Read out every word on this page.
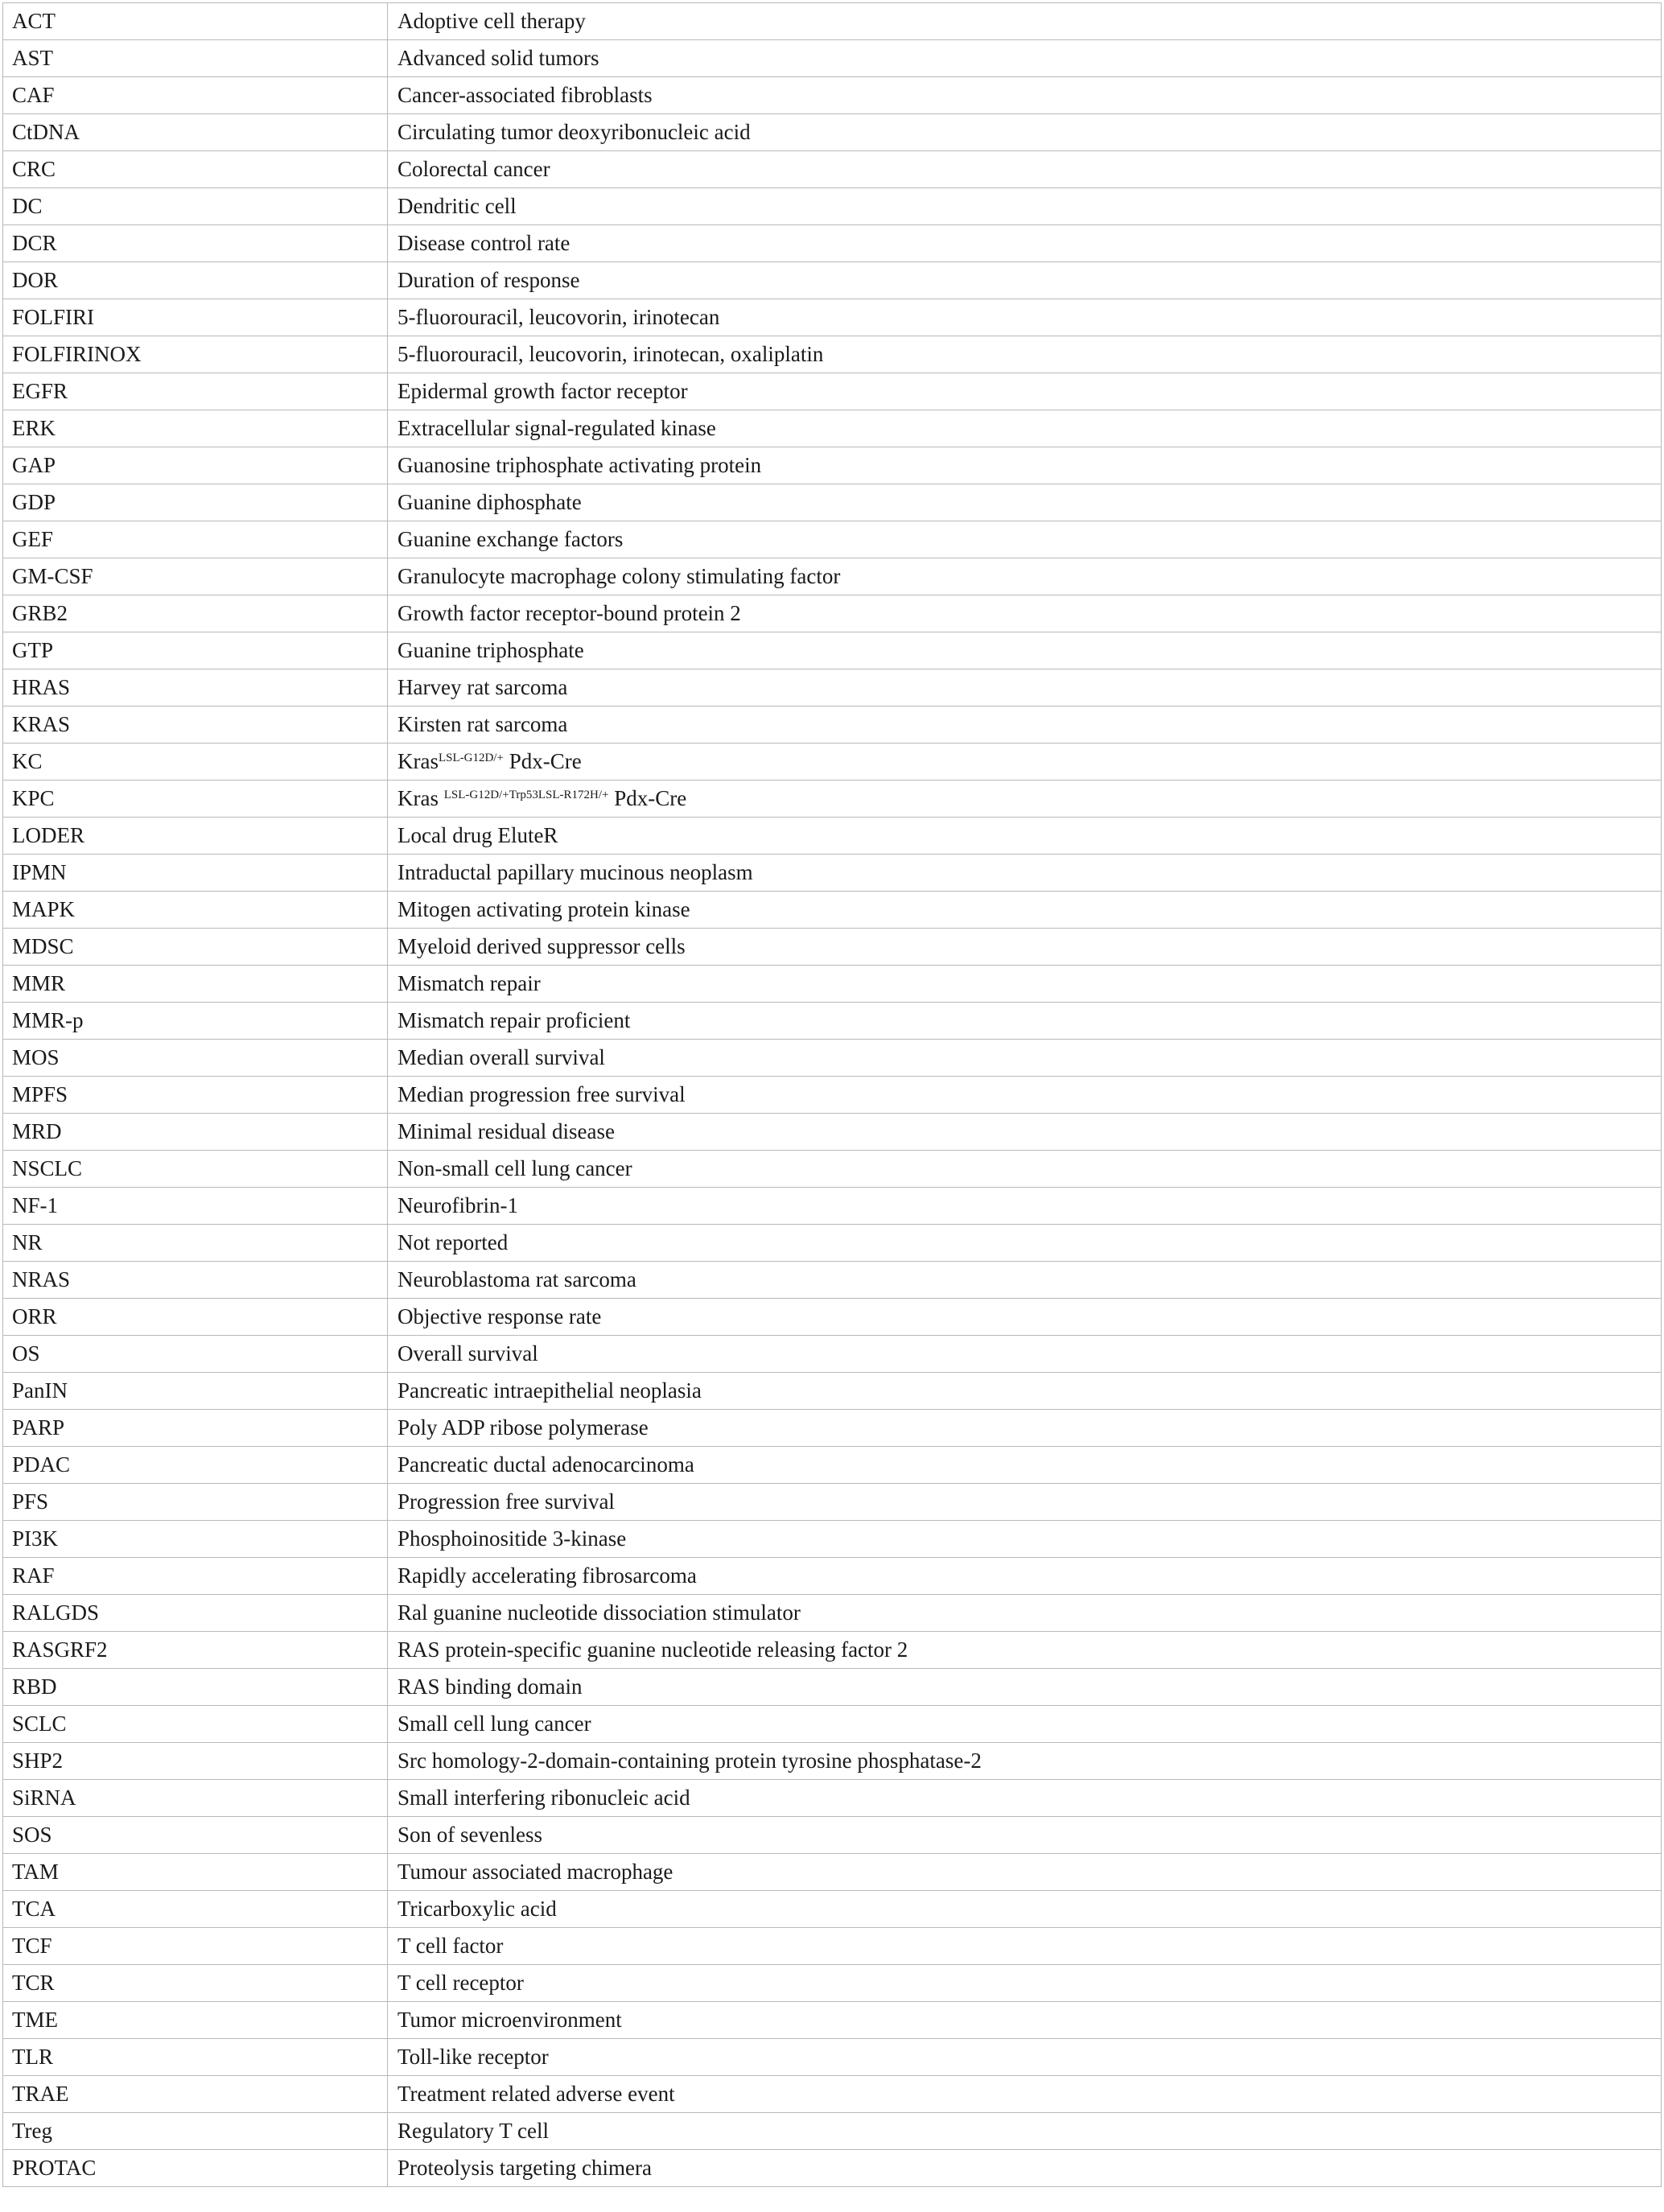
ACT	Adoptive cell therapy
AST	Advanced solid tumors
CAF	Cancer-associated fibroblasts
CtDNA	Circulating tumor deoxyribonucleic acid
CRC	Colorectal cancer
DC	Dendritic cell
DCR	Disease control rate
DOR	Duration of response
FOLFIRI	5-fluorouracil, leucovorin, irinotecan
FOLFIRINOX	5-fluorouracil, leucovorin, irinotecan, oxaliplatin
EGFR	Epidermal growth factor receptor
ERK	Extracellular signal-regulated kinase
GAP	Guanosine triphosphate activating protein
GDP	Guanine diphosphate
GEF	Guanine exchange factors
GM-CSF	Granulocyte macrophage colony stimulating factor
GRB2	Growth factor receptor-bound protein 2
GTP	Guanine triphosphate
HRAS	Harvey rat sarcoma
KRAS	Kirsten rat sarcoma
KC	Kras$^{LSL-G12D/+}$ Pdx-Cre
KPC	Kras $^{LSL-G12D/+Trp53LSL-R172H/+}$ Pdx-Cre
LODER	Local drug EluteR
IPMN	Intraductal papillary mucinous neoplasm
MAPK	Mitogen activating protein kinase
MDSC	Myeloid derived suppressor cells
MMR	Mismatch repair
MMR-p	Mismatch repair proficient
MOS	Median overall survival
MPFS	Median progression free survival
MRD	Minimal residual disease
NSCLC	Non-small cell lung cancer
NF-1	Neurofibrin-1
NR	Not reported
NRAS	Neuroblastoma rat sarcoma
ORR	Objective response rate
OS	Overall survival
PanIN	Pancreatic intraepithelial neoplasia
PARP	Poly ADP ribose polymerase
PDAC	Pancreatic ductal adenocarcinoma
PFS	Progression free survival
PI3K	Phosphoinositide 3-kinase
RAF	Rapidly accelerating fibrosarcoma
RALGDS	Ral guanine nucleotide dissociation stimulator
RASGRF2	RAS protein-specific guanine nucleotide releasing factor 2
RBD	RAS binding domain
SCLC	Small cell lung cancer
SHP2	Src homology-2-domain-containing protein tyrosine phosphatase-2
SiRNA	Small interfering ribonucleic acid
SOS	Son of sevenless
TAM	Tumour associated macrophage
TCA	Tricarboxylic acid
TCF	T cell factor
TCR	T cell receptor
TME	Tumor microenvironment
TLR	Toll-like receptor
TRAE	Treatment related adverse event
Treg	Regulatory T cell
PROTAC	Proteolysis targeting chimera
